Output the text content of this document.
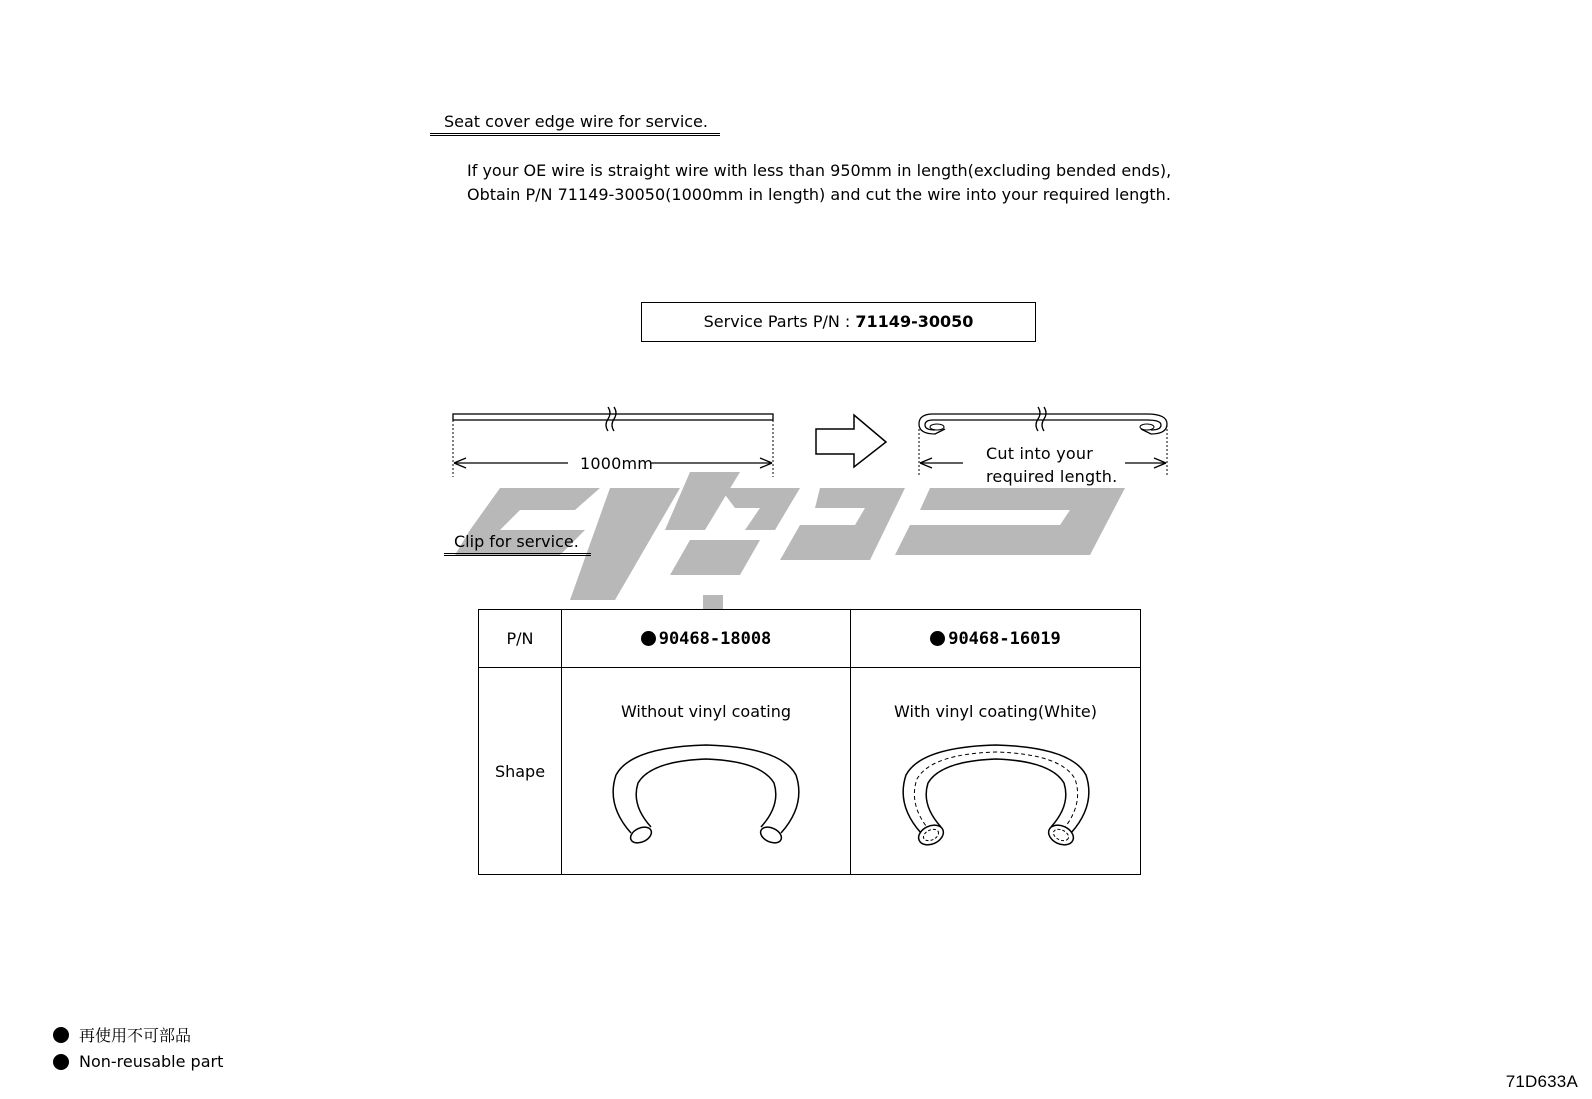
Seat cover edge wire for service.
If your OE wire is straight wire with less than 950mm in length(excluding bended ends),
Obtain P/N 71149-30050(1000mm in length) and cut the wire into your required length.
Service Parts P/N : 71149-30050
1000mm
Cut into your
required length.
Clip for service.
P/N	90468-18008	90468-16019
Shape	Without vinyl coating	With vinyl coating(White)
再使用不可部品
Non-reusable part
71D633A
